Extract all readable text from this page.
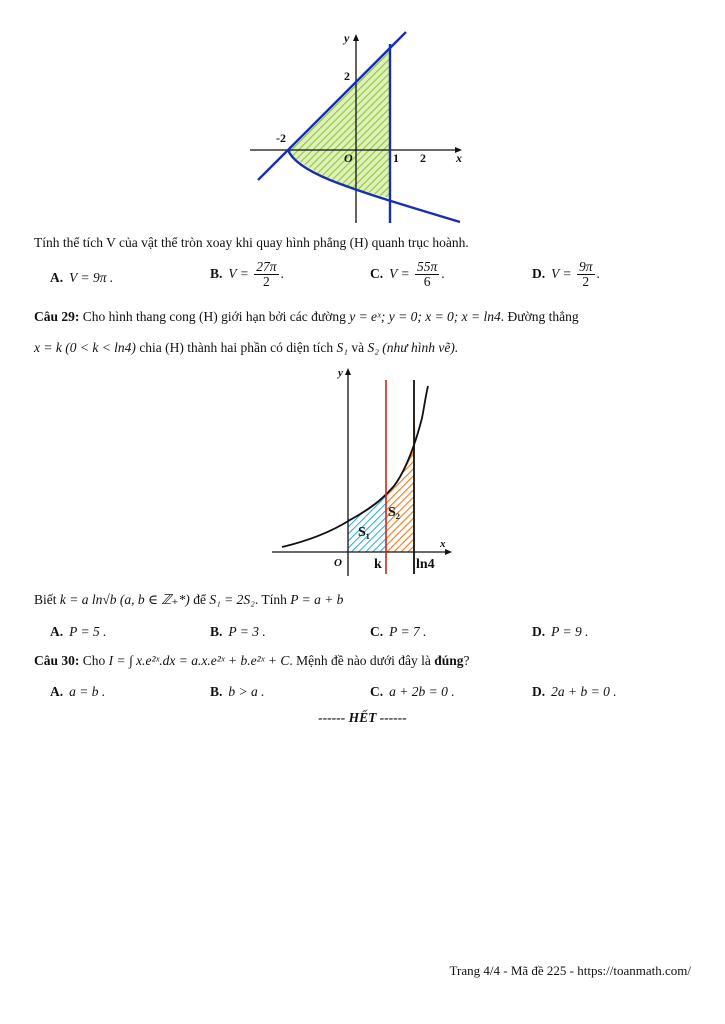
y
x
2
-2
O	1 2
Tính thể tích V của vật thể tròn xoay khi quay hình phẳng (H) quanh trục hoành.
A. V = 9π .	B. $V = \frac{27\pi}{2}$ .	C. $V = \frac{55\pi}{6}$ .	D. $V = \frac{9\pi}{2}$ .
Câu 29: Cho hình thang cong (H) giới hạn bởi các đường y = eˣ; y = 0; x = 0; x = ln4. Đường thẳng
x = k (0 < k < ln4) chia (H) thành hai phần có diện tích S₁ và S₂ (như hình vẽ).
y
x
O k ln4
S₁
S₂
Biết k = a ln√b (a, b ∈ ℤ₊*) để S₁ = 2S₂. Tính P = a + b
A. P = 5 .	B. P = 3 .	C. P = 7 .	D. P = 9 .
Câu 30: Cho I = ∫ x.e²ˣ.dx = a.x.e²ˣ + b.e²ˣ + C. Mệnh đề nào dưới đây là đúng?
A. a = b .	B. b > a .	C. a + 2b = 0 .	D. 2a + b = 0 .
------ HẾT ------
Trang 4/4 - Mã đề 225 - https://toanmath.com/
